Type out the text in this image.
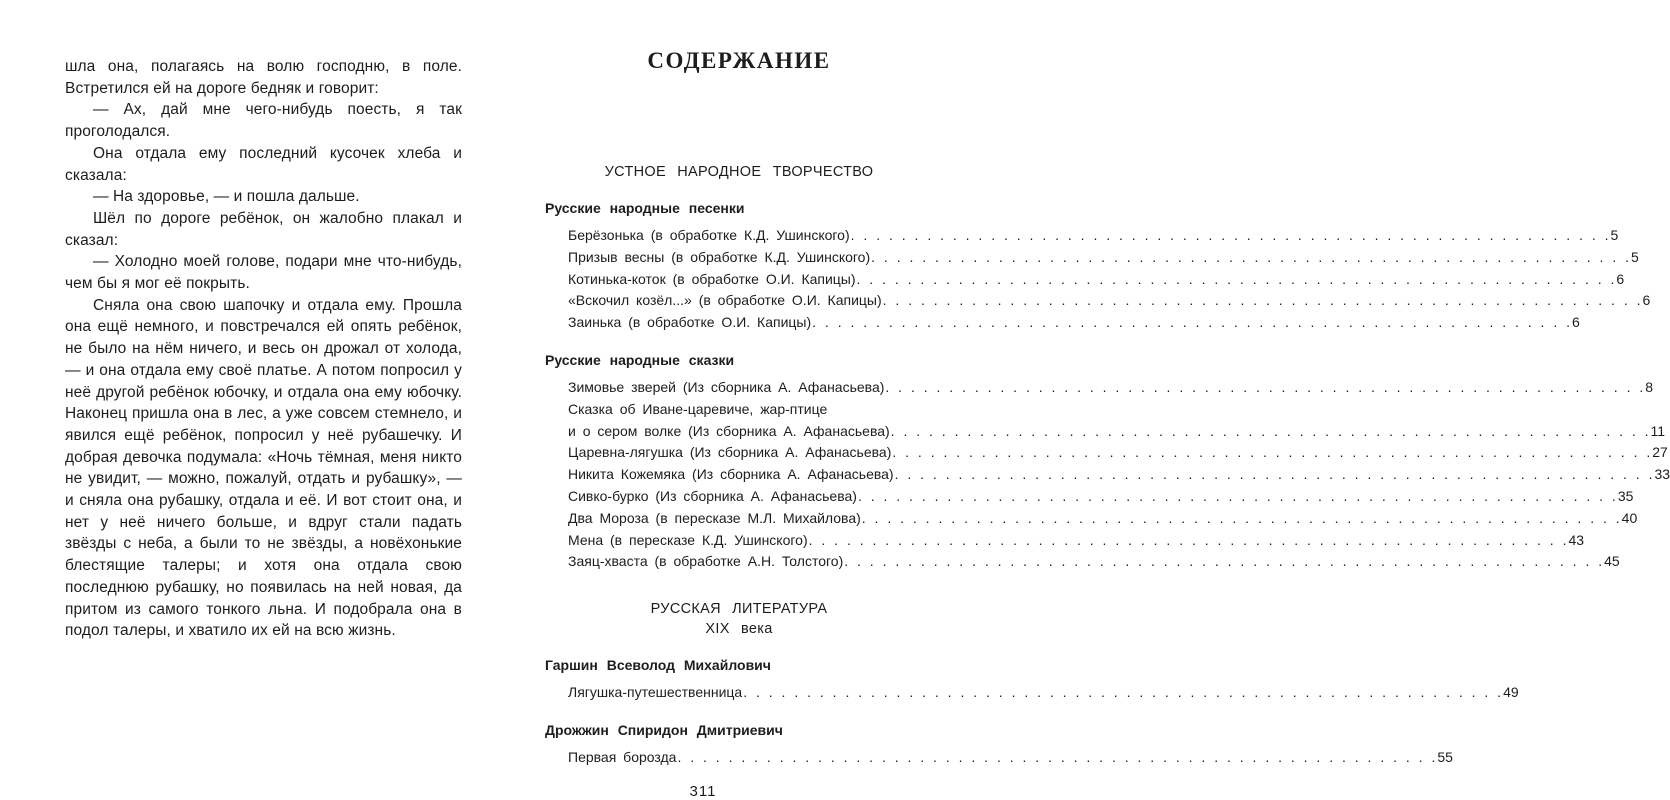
шла она, полагаясь на волю господню, в поле. Встретился ей на дороге бедняк и говорит:

— Ах, дай мне чего-нибудь поесть, я так проголодался.

Она отдала ему последний кусочек хлеба и сказала:

— На здоровье, — и пошла дальше.

Шёл по дороге ребёнок, он жалобно плакал и сказал:

— Холодно моей голове, подари мне что-нибудь, чем бы я мог её покрыть.

Сняла она свою шапочку и отдала ему. Прошла она ещё немного, и повстречался ей опять ребёнок, не было на нём ничего, и весь он дрожал от холода, — и она отдала ему своё платье. А потом попросил у неё другой ребёнок юбочку, и отдала она ему юбочку. Наконец пришла она в лес, а уже совсем стемнело, и явился ещё ребёнок, попросил у неё рубашечку. И добрая девочка подумала: «Ночь тёмная, меня никто не увидит, — можно, пожалуй, отдать и рубашку», — и сняла она рубашку, отдала и её. И вот стоит она, и нет у неё ничего больше, и вдруг стали падать звёзды с неба, а были то не звёзды, а новёхонькие блестящие талеры; и хотя она отдала свою последнюю рубашку, но появилась на ней новая, да притом из самого тонкого льна. И подобрала она в подол талеры, и хватило их ей на всю жизнь.

СОДЕРЖАНИЕ
УСТНОЕ НАРОДНОЕ ТВОРЧЕСТВО
Русские народные песенки
Берёзонька (в обработке К.Д. Ушинского) . . .	5
Призыв весны (в обработке К.Д. Ушинского) . . .	5
Котинька-коток (в обработке О.И. Капицы) . . .	6
«Вскочил козёл...» (в обработке О.И. Капицы) . . .	6
Заинька (в обработке О.И. Капицы) . . .	6
Русские народные сказки
Зимовье зверей (Из сборника А. Афанасьева) . . .	8
Сказка об Иване-царевиче, жар-птице
и о сером волке (Из сборника А. Афанасьева) . . .	11
Царевна-лягушка (Из сборника А. Афанасьева) . . .	27
Никита Кожемяка (Из сборника А. Афанасьева) . . .	33
Сивко-бурко (Из сборника А. Афанасьева) . . .	35
Два Мороза (в пересказе М.Л. Михайлова) . . .	40
Мена (в пересказе К.Д. Ушинского) . . .	43
Заяц-хваста (в обработке А.Н. Толстого) . . .	45
РУССКАЯ ЛИТЕРАТУРА
XIX века
Гаршин Всеволод Михайлович
Лягушка-путешественница . . .	49
Дрожжин Спиридон Дмитриевич
Первая борозда . . .	55
311
